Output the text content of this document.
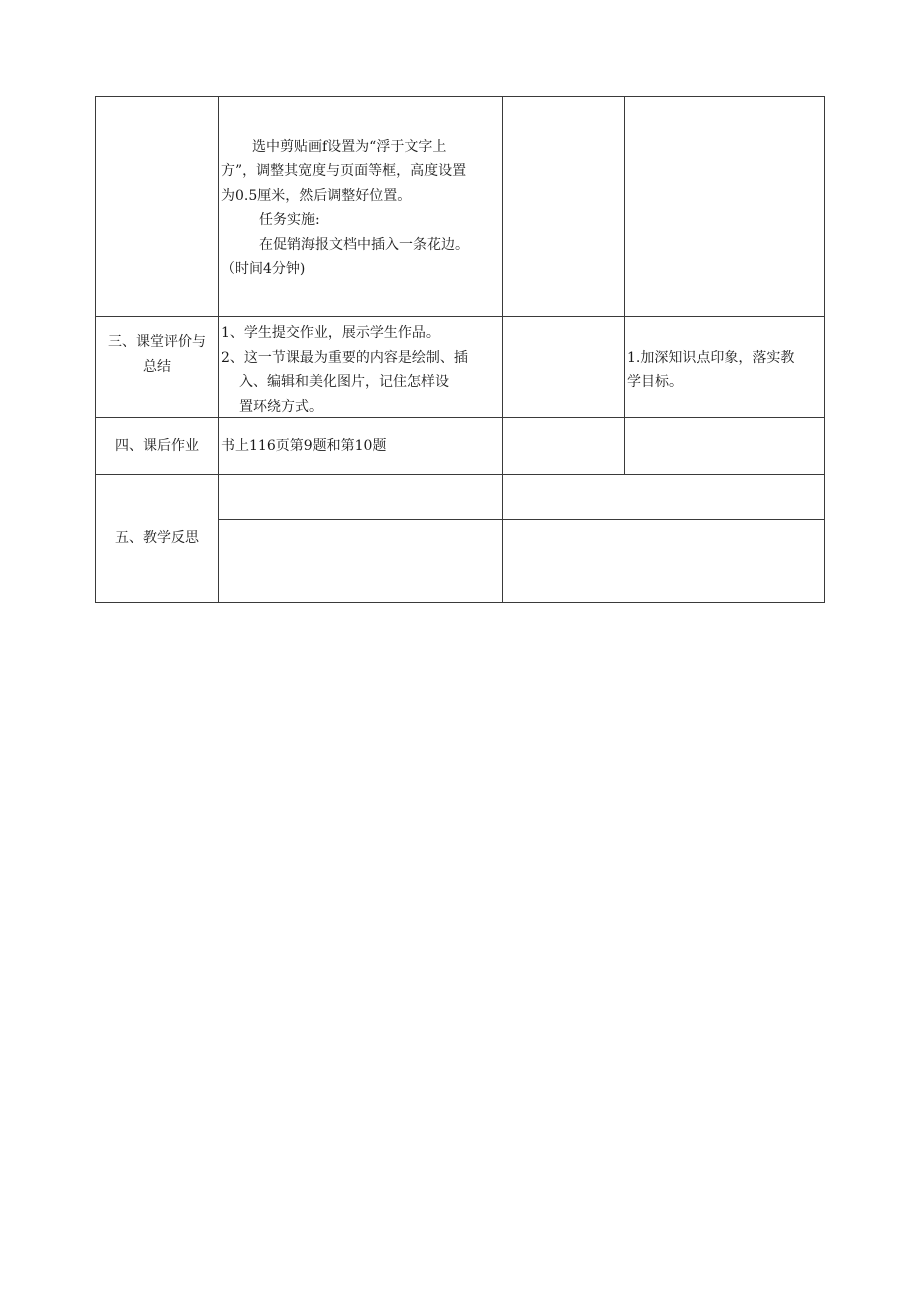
选中剪贴画f设置为“浮于文字上
方”，调整其宽度与页面等框，高度设置
为0.5厘米，然后调整好位置。
任务实施:
在促销海报文档中插入一条花边。
（时间4分钟)
三、课堂评价与
总结
1、学生提交作业，展示学生作品。
2、这一节课最为重要的内容是绘制、插
入、编辑和美化图片，记住怎样设
置环绕方式。
1.加深知识点印象，落实教
学目标。
四、课后作业	书上116页第9题和第10题
五、教学反思
